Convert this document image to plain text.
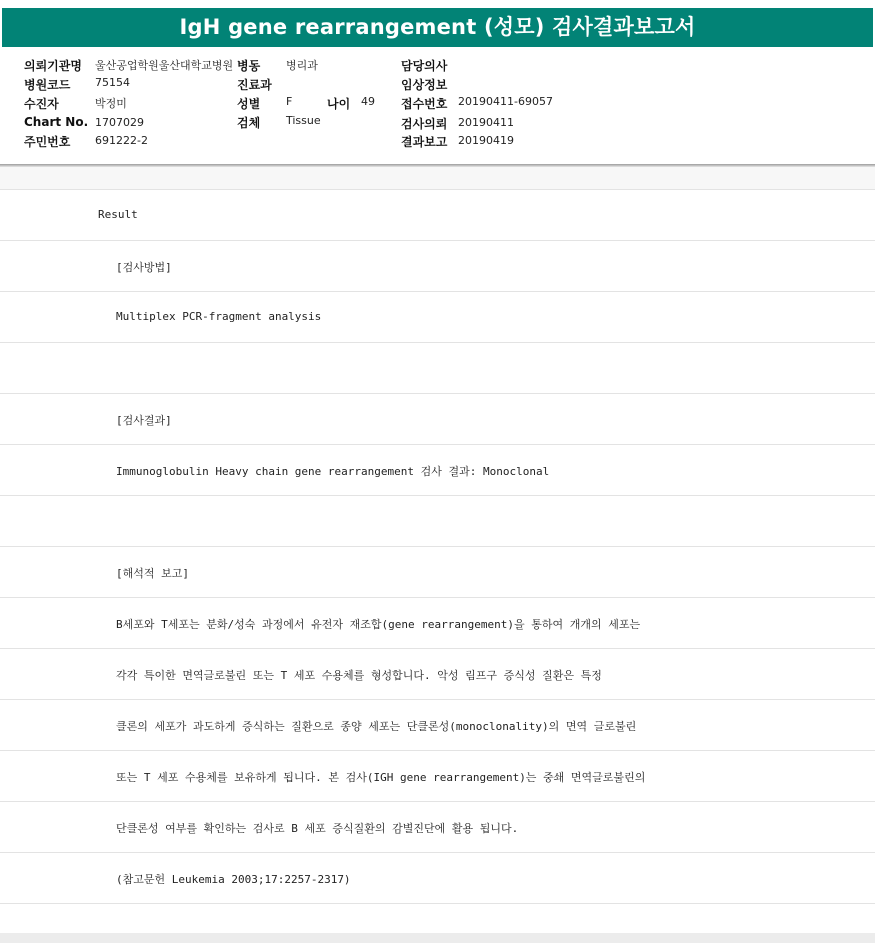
IgH gene rearrangement (성모) 검사결과보고서
의뢰기관명 울산공업학원울산대학교병원 병동 병리과	담당의사
병원코드 75154	진료과	임상정보
수진자	박정미	성별 F	나이 49 접수번호 20190411-69057
Chart No. 1707029	검체 Tissue	검사의뢰 20190411
주민번호 691222-2	결과보고 20190419
Result
[검사방법]
Multiplex PCR-fragment analysis
[검사결과]
Immunoglobulin Heavy chain gene rearrangement 검사 결과: Monoclonal
[해석적 보고]
B세포와 T세포는 분화/성숙 과정에서 유전자 재조합(gene rearrangement)을 통하여 개개의 세포는
각각 특이한 면역글로불린 또는 T 세포 수용체를 형성합니다. 악성 림프구 증식성 질환은 특정
클론의 세포가 과도하게 증식하는 질환으로 종양 세포는 단클론성(monoclonality)의 면역 글로불린
또는 T 세포 수용체를 보유하게 됩니다. 본 검사(IGH gene rearrangement)는 중쇄 면역글로불린의
단클론성 여부를 확인하는 검사로 B 세포 증식질환의 감별진단에 활용 됩니다.
(참고문헌 Leukemia 2003;17:2257-2317)
